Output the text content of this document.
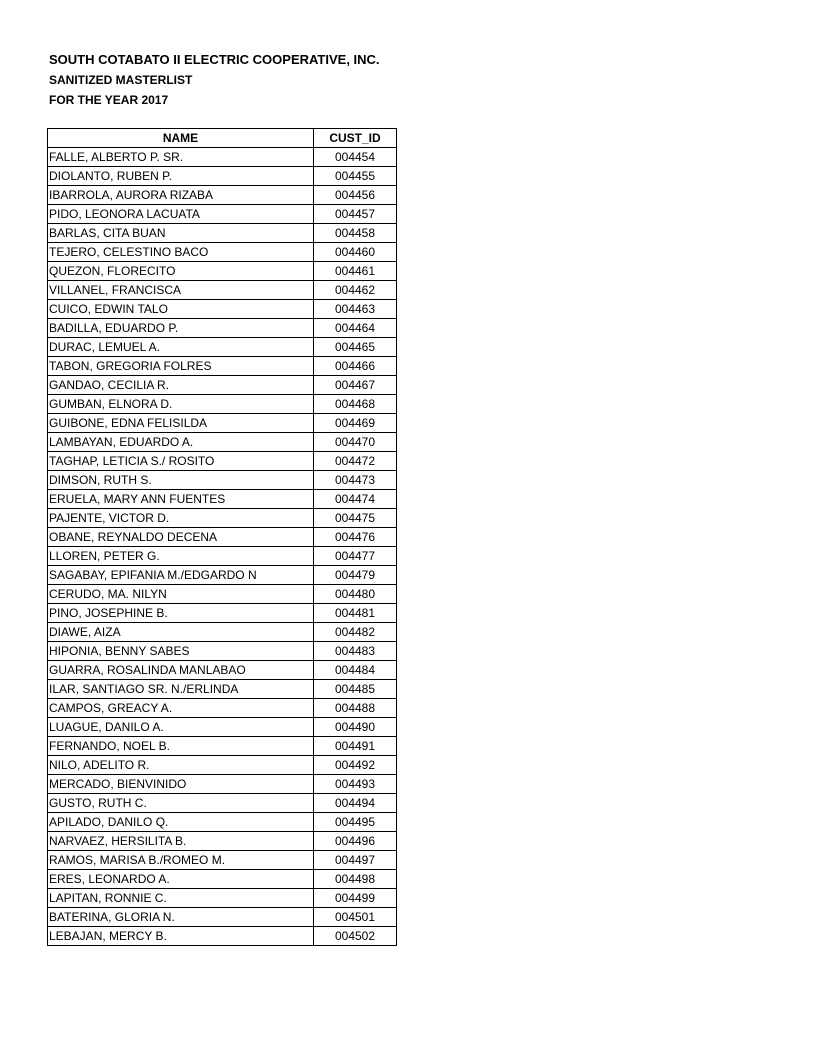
SOUTH COTABATO II ELECTRIC COOPERATIVE, INC.
SANITIZED MASTERLIST
FOR THE YEAR 2017
NAME	CUST_ID
FALLE, ALBERTO P. SR.	004454
DIOLANTO, RUBEN P.	004455
IBARROLA, AURORA RIZABA	004456
PIDO, LEONORA LACUATA	004457
BARLAS, CITA BUAN	004458
TEJERO, CELESTINO BACO	004460
QUEZON, FLORECITO	004461
VILLANEL, FRANCISCA	004462
CUICO, EDWIN TALO	004463
BADILLA, EDUARDO P.	004464
DURAC, LEMUEL A.	004465
TABON, GREGORIA FOLRES	004466
GANDAO, CECILIA R.	004467
GUMBAN, ELNORA D.	004468
GUIBONE, EDNA FELISILDA	004469
LAMBAYAN, EDUARDO A.	004470
TAGHAP, LETICIA S./ ROSITO	004472
DIMSON, RUTH S.	004473
ERUELA, MARY ANN FUENTES	004474
PAJENTE, VICTOR D.	004475
OBANE, REYNALDO DECENA	004476
LLOREN, PETER G.	004477
SAGABAY, EPIFANIA M./EDGARDO N	004479
CERUDO, MA. NILYN	004480
PINO, JOSEPHINE B.	004481
DIAWE, AIZA	004482
HIPONIA, BENNY SABES	004483
GUARRA, ROSALINDA MANLABAO	004484
ILAR, SANTIAGO SR. N./ERLINDA	004485
CAMPOS, GREACY A.	004488
LUAGUE, DANILO A.	004490
FERNANDO, NOEL B.	004491
NILO, ADELITO R.	004492
MERCADO, BIENVINIDO	004493
GUSTO, RUTH C.	004494
APILADO, DANILO Q.	004495
NARVAEZ, HERSILITA B.	004496
RAMOS, MARISA B./ROMEO M.	004497
ERES, LEONARDO A.	004498
LAPITAN, RONNIE C.	004499
BATERINA, GLORIA N.	004501
LEBAJAN, MERCY B.	004502
